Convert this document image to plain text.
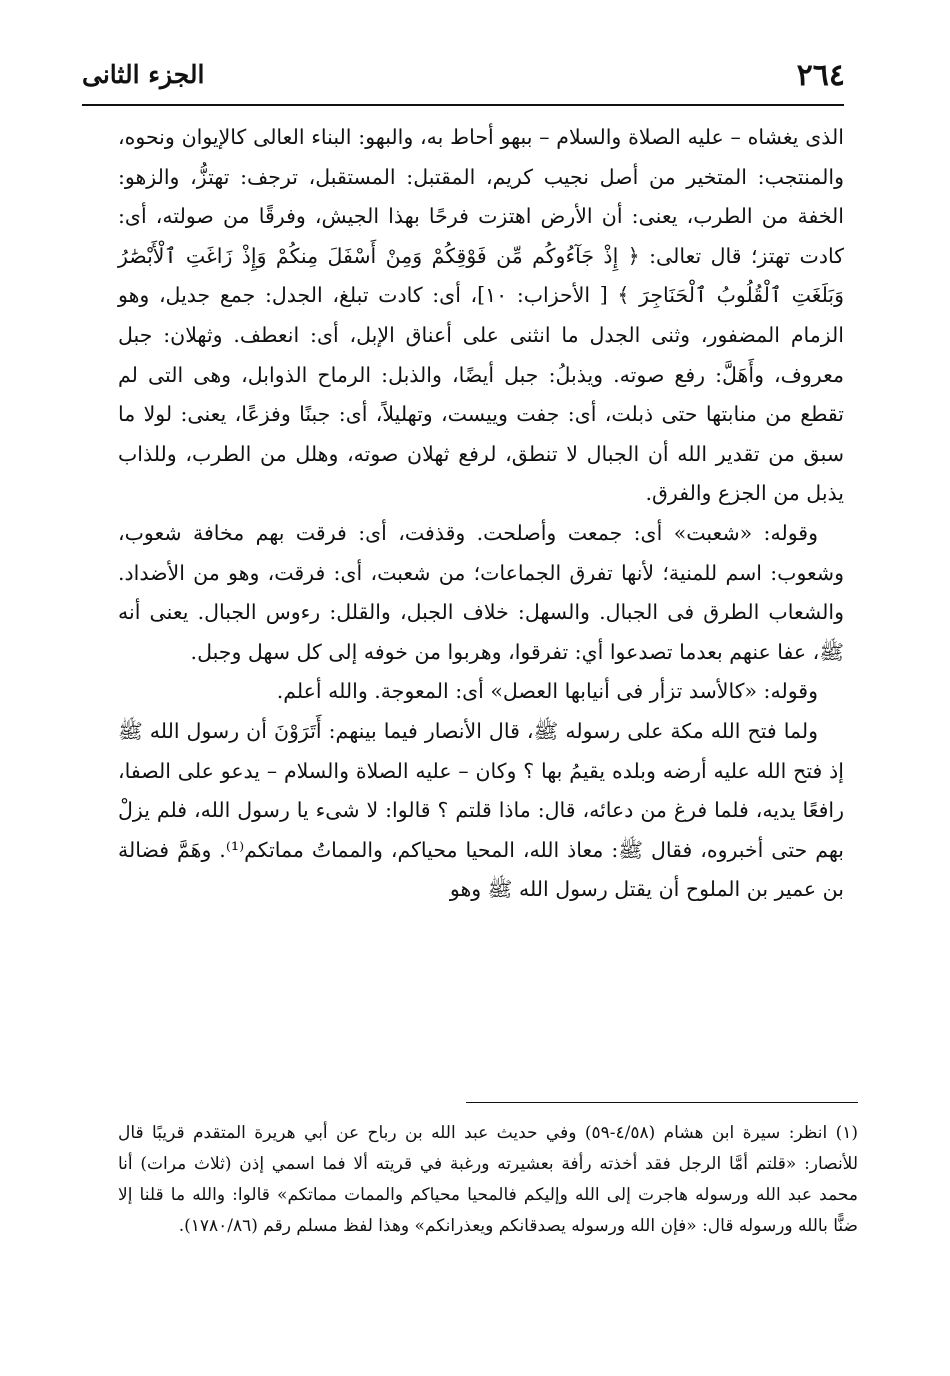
٢٦٤
الجزء الثانى

الذى يغشاه – عليه الصلاة والسلام – ببهو أحاط به، والبهو: البناء العالى كالإيوان ونحوه، والمنتجب: المتخير من أصل نجيب كريم، المقتبل: المستقبل، ترجف: تهتزُّ، والزهو: الخفة من الطرب، يعنى: أن الأرض اهتزت فرحًا بهذا الجيش، وفرقًا من صولته، أى: كادت تهتز؛ قال تعالى: ﴿ إِذْ جَآءُوكُم مِّن فَوْقِكُمْ وَمِنْ أَسْفَلَ مِنكُمْ وَإِذْ زَاغَتِ ٱلْأَبْصَٰرُ وَبَلَغَتِ ٱلْقُلُوبُ ٱلْحَنَاجِرَ ﴾ [ الأحزاب: ١٠]، أى: كادت تبلغ، الجدل: جمع جديل، وهو الزمام المضفور، وثنى الجدل ما انثنى على أعناق الإبل، أى: انعطف. وثهلان: جبل معروف، وأَهَلَّ: رفع صوته. ويذبلُ: جبل أيضًا، والذبل: الرماح الذوابل، وهى التى لم تقطع من منابتها حتى ذبلت، أى: جفت وييست، وتهليلاً، أى: جبنًا وفزعًا، يعنى: لولا ما سبق من تقدير الله أن الجبال لا تنطق، لرفع ثهلان صوته، وهلل من الطرب، وللذاب يذبل من الجزع والفرق.

وقوله: «شعبت» أى: جمعت وأصلحت. وقذفت، أى: فرقت بهم مخافة شعوب، وشعوب: اسم للمنية؛ لأنها تفرق الجماعات؛ من شعبت، أى: فرقت، وهو من الأضداد. والشعاب الطرق فى الجبال. والسهل: خلاف الجبل، والقلل: رءوس الجبال. يعنى أنه ﷺ، عفا عنهم بعدما تصدعوا أي: تفرقوا، وهربوا من خوفه إلى كل سهل وجبل.

وقوله: «كالأسد تزأر فى أنيابها العصل» أى: المعوجة. والله أعلم.

ولما فتح الله مكة على رسوله ﷺ، قال الأنصار فيما بينهم: أَتَرَوْنَ أن رسول الله ﷺ إذ فتح الله عليه أرضه وبلده يقيمُ بها ؟ وكان – عليه الصلاة والسلام – يدعو على الصفا، رافعًا يديه، فلما فرغ من دعائه، قال: ماذا قلتم ؟ قالوا: لا شىء يا رسول الله، فلم يزلْ بهم حتى أخبروه، فقال ﷺ: معاذ الله، المحيا محياكم، والمماتُ مماتكم⁽¹⁾. وهَمَّ فضالة بن عمير بن الملوح أن يقتل رسول الله ﷺ وهو

(١) انظر: سيرة ابن هشام (٤/٥٨-٥٩) وفي حديث عبد الله بن رباح عن أبي هريرة المتقدم قريبًا قال للأنصار: «قلتم أمَّا الرجل فقد أخذته رأفة بعشيرته ورغبة في قريته ألا فما اسمي إذن (ثلاث مرات) أنا محمد عبد الله ورسوله هاجرت إلى الله وإليكم فالمحيا محياكم والممات مماتكم» قالوا: والله ما قلنا إلا ضنًّا بالله ورسوله قال: «فإن الله ورسوله يصدقانكم ويعذرانكم» وهذا لفظ مسلم رقم (١٧٨٠/٨٦).
